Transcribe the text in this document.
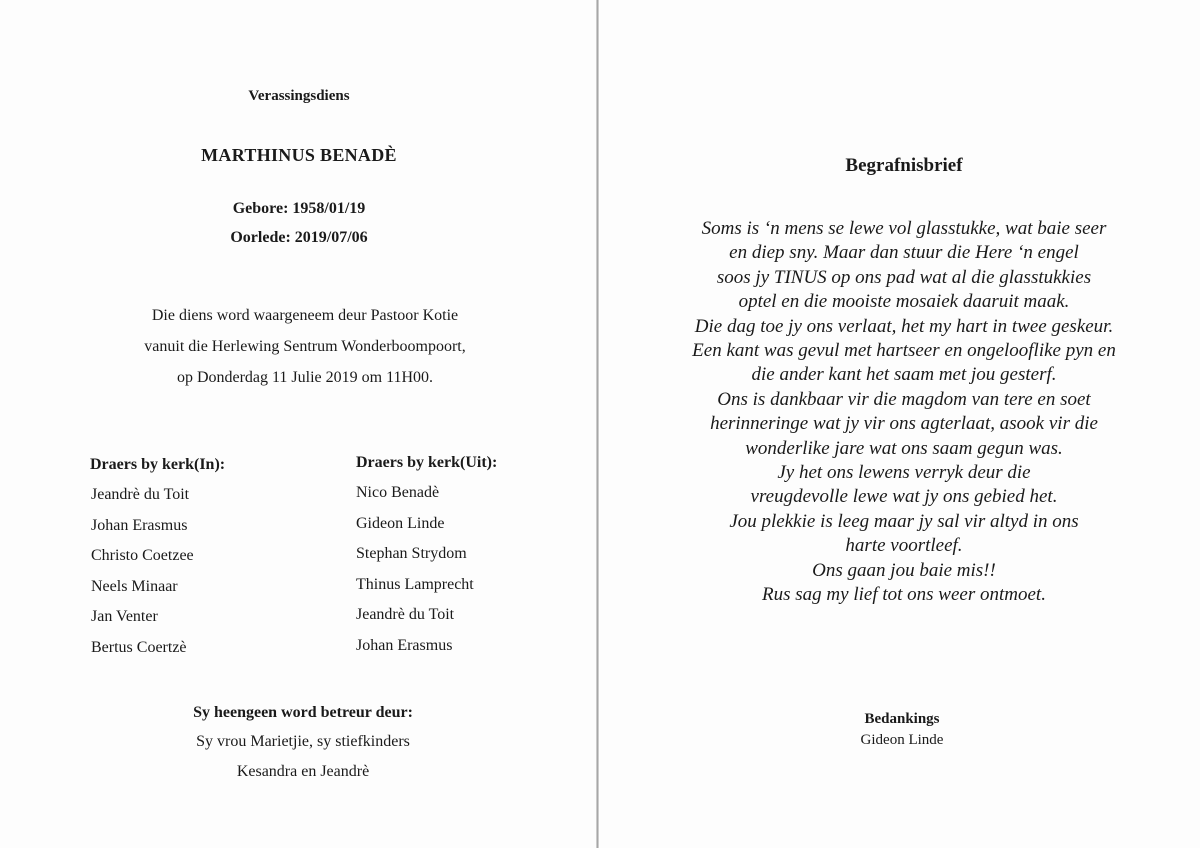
Verassingsdiens
MARTHINUS BENADÈ
Gebore: 1958/01/19
Oorlede: 2019/07/06
Die diens word waargeneem deur Pastoor Kotie
vanuit die Herlewing Sentrum Wonderboompoort,
op Donderdag 11 Julie 2019 om 11H00.
Draers by kerk(In):
Jeandrè du Toit
Johan Erasmus
Christo Coetzee
Neels Minaar
Jan Venter
Bertus Coertzè
Draers by kerk(Uit):
Nico Benadè
Gideon Linde
Stephan Strydom
Thinus Lamprecht
Jeandrè du Toit
Johan Erasmus
Sy heengeen word betreur deur:
Sy vrou Marietjie, sy stiefkinders
Kesandra en Jeandrè
Begrafnisbrief
Soms is ‘n mens se lewe vol glasstukke, wat baie seer
en diep sny. Maar dan stuur die Here ‘n engel
soos jy TINUS op ons pad wat al die glasstukkies
optel en die mooiste mosaiek daaruit maak.
Die dag toe jy ons verlaat, het my hart in twee geskeur.
Een kant was gevul met hartseer en ongelooflike pyn en
die ander kant het saam met jou gesterf.
Ons is dankbaar vir die magdom van tere en soet
herinneringe wat jy vir ons agterlaat, asook vir die
wonderlike jare wat ons saam gegun was.
Jy het ons lewens verryk deur die
vreugdevolle lewe wat jy ons gebied het.
Jou plekkie is leeg maar jy sal vir altyd in ons
harte voortleef.
Ons gaan jou baie mis!!
Rus sag my lief tot ons weer ontmoet.
Bedankings
Gideon Linde
